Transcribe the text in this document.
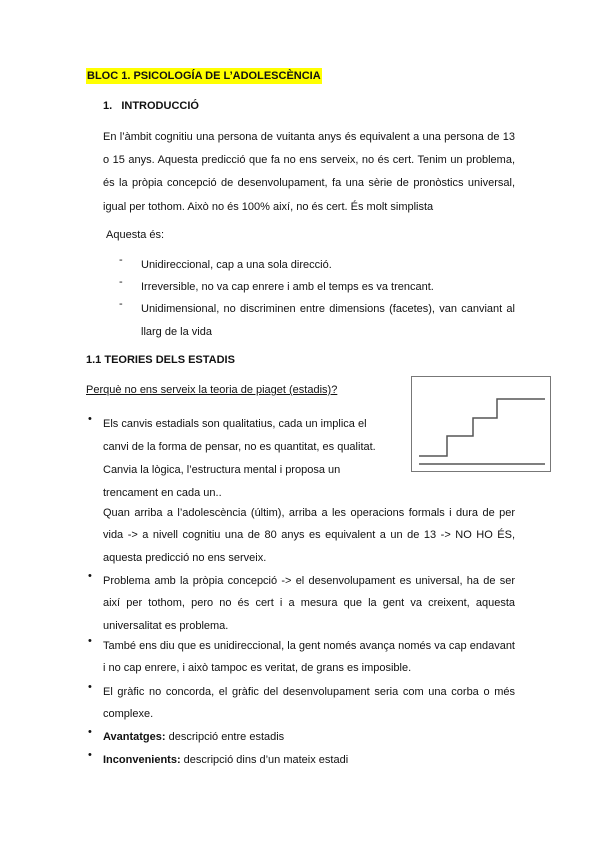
BLOC 1. PSICOLOGÍA DE L’ADOLESCÈNCIA
1.   INTRODUCCIÓ
En l’àmbit cognitiu una persona de vuitanta anys és equivalent a una persona de 13 o 15 anys. Aquesta predicció que fa no ens serveix, no és cert. Tenim un problema, és la pròpia concepció de desenvolupament, fa una sèrie de pronòstics universal, igual per tothom. Això no és 100% així, no és cert. És molt simplista
Aquesta és:
- Unidireccional, cap a una sola direcció.
- Irreversible, no va cap enrere i amb el temps es va trencant.
- Unidimensional, no discriminen entre dimensions (facetes), van canviant al llarg de la vida
1.1 TEORIES DELS ESTADIS
Perquè no ens serveix la teoria de piaget (estadis)?
• Els canvis estadials son qualitatius, cada un implica el
canvi de la forma de pensar, no es quantitat, es qualitat.
Canvia la lògica, l’estructura mental i proposa un
trencament en cada un..
Quan arriba a l’adolescència (últim), arriba a les operacions formals i dura de per vida -> a nivell cognitiu una de 80 anys es equivalent a un de 13 -> NO HO ÉS, aquesta predicció no ens serveix.
• Problema amb la pròpia concepció -> el desenvolupament es universal, ha de ser així per tothom, pero no és cert i a mesura que la gent va creixent, aquesta universalitat es problema.
• També ens diu que es unidireccional, la gent només avança només va cap endavant i no cap enrere, i això tampoc es veritat, de grans es imposible.
• El gràfic no concorda, el gràfic del desenvolupament seria com una corba o més complexe.
• Avantatges: descripció entre estadis
• Inconvenients: descripció dins d’un mateix estadi
